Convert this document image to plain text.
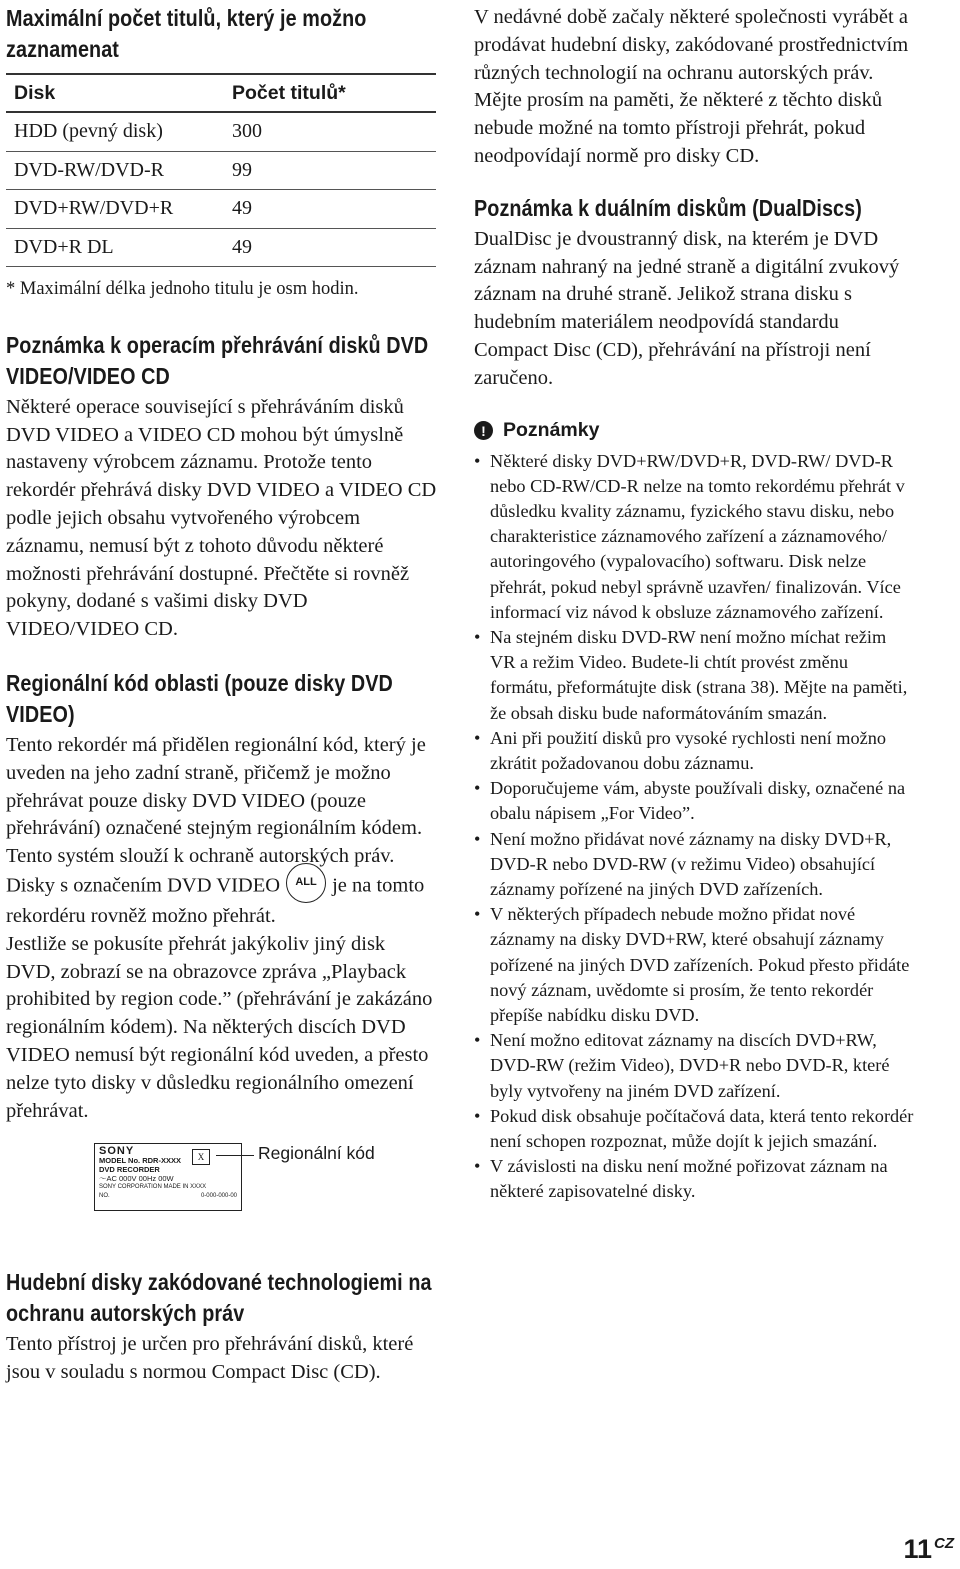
Maximální počet titulů, který je možno zaznamenat
Disk	Počet titulů*
HDD (pevný disk)	300
DVD-RW/DVD-R	99
DVD+RW/DVD+R	49
DVD+R DL	49

* Maximální délka jednoho titulu je osm hodin.

Poznámka k operacím přehrávání disků DVD VIDEO/VIDEO CD

Některé operace související s přehráváním disků DVD VIDEO a VIDEO CD mohou být úmyslně nastaveny výrobcem záznamu. Protože tento rekordér přehrává disky DVD VIDEO a VIDEO CD podle jejich obsahu vytvořeného výrobcem záznamu, nemusí být z tohoto důvodu některé možnosti přehrávání dostupné. Přečtěte si rovněž pokyny, dodané s vašimi disky DVD VIDEO/VIDEO CD.

Regionální kód oblasti (pouze disky DVD VIDEO)

Tento rekordér má přidělen regionální kód, který je uveden na jeho zadní straně, přičemž je možno přehrávat pouze disky DVD VIDEO (pouze přehrávání) označené stejným regionálním kódem. Tento systém slouží k ochraně autorských práv.

Disky s označením DVD VIDEO ALL je na tomto rekordéru rovněž možno přehrát.

Jestliže se pokusíte přehrát jakýkoliv jiný disk DVD, zobrazí se na obrazovce zpráva „Playback prohibited by region code.” (přehrávání je zakázáno regionálním kódem). Na některých discích DVD VIDEO nemusí být regionální kód uveden, a přesto nelze tyto disky v důsledku regionálního omezení přehrávat.

SONY
MODEL No. RDR-XXXX
DVD RECORDER
～AC 000V 00Hz 00W
SONY CORPORATION MADE IN XXXX
NO.	0-000-000-00
X	Regionální kód
Hudební disky zakódované technologiemi na ochranu autorských práv

Tento přístroj je určen pro přehrávání disků, které jsou v souladu s normou Compact Disc (CD).

V nedávné době začaly některé společnosti vyrábět a prodávat hudební disky, zakódované prostřednictvím různých technologií na ochranu autorských práv. Mějte prosím na paměti, že některé z těchto disků nebude možné na tomto přístroji přehrát, pokud neodpovídají normě pro disky CD.

Poznámka k duálním diskům (DualDiscs)

DualDisc je dvoustranný disk, na kterém je DVD záznam nahraný na jedné straně a digitální zvukový záznam na druhé straně. Jelikož strana disku s hudebním materiálem neodpovídá standardu Compact Disc (CD), přehrávání na přístroji není zaručeno.

! Poznámky
• Některé disky DVD+RW/DVD+R, DVD-RW/ DVD-R nebo CD-RW/CD-R nelze na tomto rekordému přehrát v důsledku kvality záznamu, fyzického stavu disku, nebo charakteristice záznamového zařízení a záznamového/ autoringového (vypalovacího) softwaru. Disk nelze přehrát, pokud nebyl správně uzavřen/ finalizován. Více informací viz návod k obsluze záznamového zařízení.
• Na stejném disku DVD-RW není možno míchat režim VR a režim Video. Budete-li chtít provést změnu formátu, přeformátujte disk (strana 38). Mějte na paměti, že obsah disku bude naformátováním smazán.
• Ani při použití disků pro vysoké rychlosti není možno zkrátit požadovanou dobu záznamu.
• Doporučujeme vám, abyste používali disky, označené na obalu nápisem „For Video”.
• Není možno přidávat nové záznamy na disky DVD+R, DVD-R nebo DVD-RW (v režimu Video) obsahující záznamy pořízené na jiných DVD zařízeních.
• V některých případech nebude možno přidat nové záznamy na disky DVD+RW, které obsahují záznamy pořízené na jiných DVD zařízeních. Pokud přesto přidáte nový záznam, uvědomte si prosím, že tento rekordér přepíše nabídku disku DVD.
• Není možno editovat záznamy na discích DVD+RW, DVD-RW (režim Video), DVD+R nebo DVD-R, které byly vytvořeny na jiném DVD zařízení.
• Pokud disk obsahuje počítačová data, která tento rekordér není schopen rozpoznat, může dojít k jejich smazání.
• V závislosti na disku není možné pořizovat záznam na některé zapisovatelné disky.
11 $^{CZ}$
